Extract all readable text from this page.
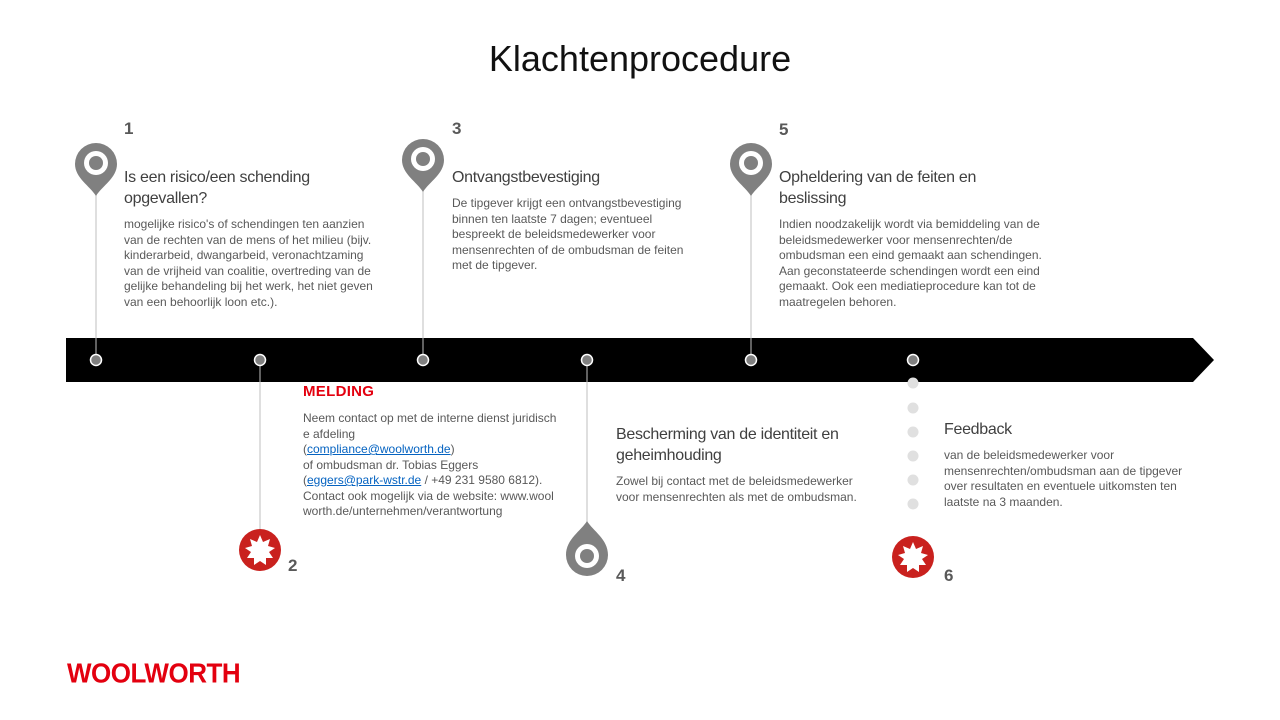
Klachtenprocedure
1
Is een risico/een schending opgevallen?
mogelijke risico's of schendingen ten aanzien van de rechten van de mens of het milieu (bijv. kinderarbeid, dwangarbeid, veronachtzaming van de vrijheid van coalitie, overtreding van de gelijke behandeling bij het werk, het niet geven van een behoorlijk loon etc.).
2
MELDING
Neem contact op met de interne dienst juridische afdeling
(compliance@woolworth.de)
of ombudsman dr. Tobias Eggers
(eggers@park-wstr.de / +49 231 9580 6812).
Contact ook mogelijk via de website: www.woolworth.de/unternehmen/verantwortung
3
Ontvangstbevestiging
De tipgever krijgt een ontvangstbevestiging binnen ten laatste 7 dagen; eventueel bespreekt de beleidsmedewerker voor mensenrechten of de ombudsman de feiten met de tipgever.
4
Bescherming van de identiteit en geheimhouding
Zowel bij contact met de beleidsmedewerker voor mensenrechten als met de ombudsman.
5
Opheldering van de feiten en beslissing
Indien noodzakelijk wordt via bemiddeling van de beleidsmedewerker voor mensenrechten/de ombudsman een eind gemaakt aan schendingen. Aan geconstateerde schendingen wordt een eind gemaakt. Ook een mediatieprocedure kan tot de maatregelen behoren.
6
Feedback
van de beleidsmedewerker voor mensenrechten/ombudsman aan de tipgever over resultaten en eventuele uitkomsten ten laatste na 3 maanden.
WOOLWORTH
